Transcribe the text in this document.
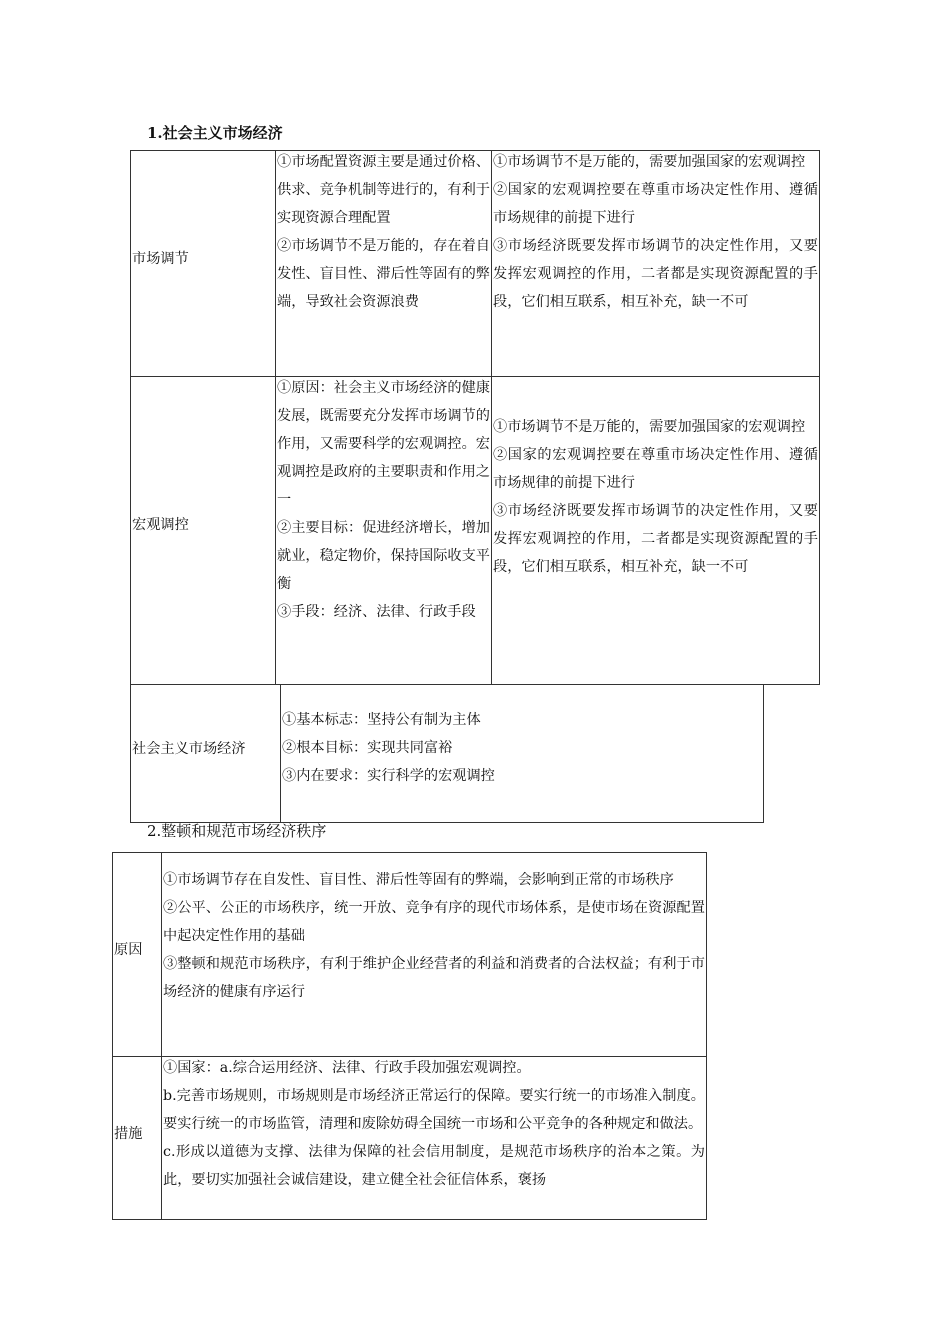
1.社会主义市场经济
市场调节
①市场配置资源主要是通过价格、供求、竞争机制等进行的，有利于实现资源合理配置
②市场调节不是万能的，存在着自发性、盲目性、滞后性等固有的弊端，导致社会资源浪费
①市场调节不是万能的，需要加强国家的宏观调控
②国家的宏观调控要在尊重市场决定性作用、遵循市场规律的前提下进行
③市场经济既要发挥市场调节的决定性作用，又要发挥宏观调控的作用，二者都是实现资源配置的手段，它们相互联系，相互补充，缺一不可
宏观调控
①原因：社会主义市场经济的健康发展，既需要充分发挥市场调节的作用，又需要科学的宏观调控。宏观调控是政府的主要职责和作用之一
②主要目标：促进经济增长，增加就业，稳定物价，保持国际收支平衡
③手段：经济、法律、行政手段
①市场调节不是万能的，需要加强国家的宏观调控
②国家的宏观调控要在尊重市场决定性作用、遵循市场规律的前提下进行
③市场经济既要发挥市场调节的决定性作用，又要发挥宏观调控的作用，二者都是实现资源配置的手段，它们相互联系，相互补充，缺一不可
社会主义市场经济
①基本标志：坚持公有制为主体
②根本目标：实现共同富裕
③内在要求：实行科学的宏观调控
2.整顿和规范市场经济秩序
原因
①市场调节存在自发性、盲目性、滞后性等固有的弊端，会影响到正常的市场秩序
②公平、公正的市场秩序，统一开放、竞争有序的现代市场体系，是使市场在资源配置中起决定性作用的基础
③整顿和规范市场秩序，有利于维护企业经营者的利益和消费者的合法权益；有利于市场经济的健康有序运行
措施
①国家：a.综合运用经济、法律、行政手段加强宏观调控。
b.完善市场规则，市场规则是市场经济正常运行的保障。要实行统一的市场准入制度。要实行统一的市场监管，清理和废除妨碍全国统一市场和公平竞争的各种规定和做法。
c.形成以道德为支撑、法律为保障的社会信用制度，是规范市场秩序的治本之策。为此，要切实加强社会诚信建设，建立健全社会征信体系，褒扬
